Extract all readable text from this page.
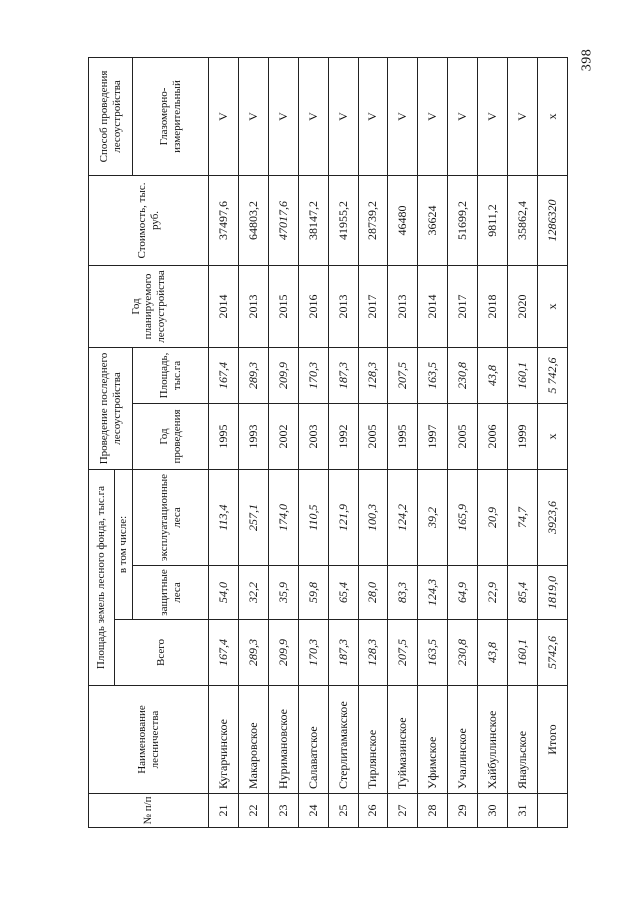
398
№ п/п	Наименование лесничества	Площадь земель лесного фонда, тыс.га			Проведение последнего лесоустройства		Год планируемого лесоустройства	Стоимость, тыс. руб.	Способ проведения лесоустройства
		Всего	в том числе:						
			защитные леса	эксплуатационные леса	Год проведения	Площадь, тыс.га			Глазомерно-измерительный
21	Кугарчинское	167,4	54,0	113,4	1995	167,4	2014	37497,6	V
22	Макаровское	289,3	32,2	257,1	1993	289,3	2013	64803,2	V
23	Нуримановское	209,9	35,9	174,0	2002	209,9	2015	47017,6	V
24	Салаватское	170,3	59,8	110,5	2003	170,3	2016	38147,2	V
25	Стерлитамакское	187,3	65,4	121,9	1992	187,3	2013	41955,2	V
26	Тирлянское	128,3	28,0	100,3	2005	128,3	2017	28739,2	V
27	Туймазинское	207,5	83,3	124,2	1995	207,5	2013	46480	V
28	Уфимское	163,5	124,3	39,2	1997	163,5	2014	36624	V
29	Учалинское	230,8	64,9	165,9	2005	230,8	2017	51699,2	V
30	Хайбуллинское	43,8	22,9	20,9	2006	43,8	2018	9811,2	V
31	Янаульское	160,1	85,4	74,7	1999	160,1	2020	35862,4	V
	Итого	5742,6	1819,0	3923,6	x	5 742,6	x	1286320	x
